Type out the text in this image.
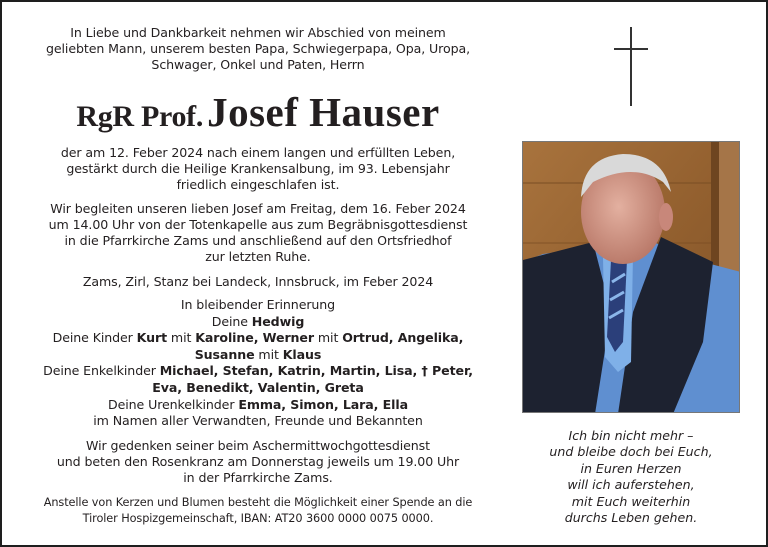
In Liebe und Dankbarkeit nehmen wir Abschied von meinem

geliebten Mann, unserem besten Papa, Schwiegerpapa, Opa, Uropa,

Schwager, Onkel und Paten, Herrn

RgR Prof. Josef Hauser

der am 12. Feber 2024 nach einem langen und erfüllten Leben,

gestärkt durch die Heilige Krankensalbung, im 93. Lebensjahr

friedlich eingeschlafen ist.

Wir begleiten unseren lieben Josef am Freitag, dem 16. Feber 2024

um 14.00 Uhr von der Totenkapelle aus zum Begräbnisgottesdienst

in die Pfarrkirche Zams und anschließend auf den Ortsfriedhof

zur letzten Ruhe.

Zams, Zirl, Stanz bei Landeck, Innsbruck, im Feber 2024

In bleibender Erinnerung

Deine Hedwig

Deine Kinder Kurt mit Karoline, Werner mit Ortrud, Angelika,

Susanne mit Klaus

Deine Enkelkinder Michael, Stefan, Katrin, Martin, Lisa, † Peter,

Eva, Benedikt, Valentin, Greta

Deine Urenkelkinder Emma, Simon, Lara, Ella

im Namen aller Verwandten, Freunde und Bekannten

Wir gedenken seiner beim Aschermittwochgottesdienst

und beten den Rosenkranz am Donnerstag jeweils um 19.00 Uhr

in der Pfarrkirche Zams.

Anstelle von Kerzen und Blumen besteht die Möglichkeit einer Spende an die

Tiroler Hospizgemeinschaft, IBAN: AT20 3600 0000 0075 0000.

Ich bin nicht mehr –
und bleibe doch bei Euch,
in Euren Herzen
will ich auferstehen,
mit Euch weiterhin
durchs Leben gehen.
